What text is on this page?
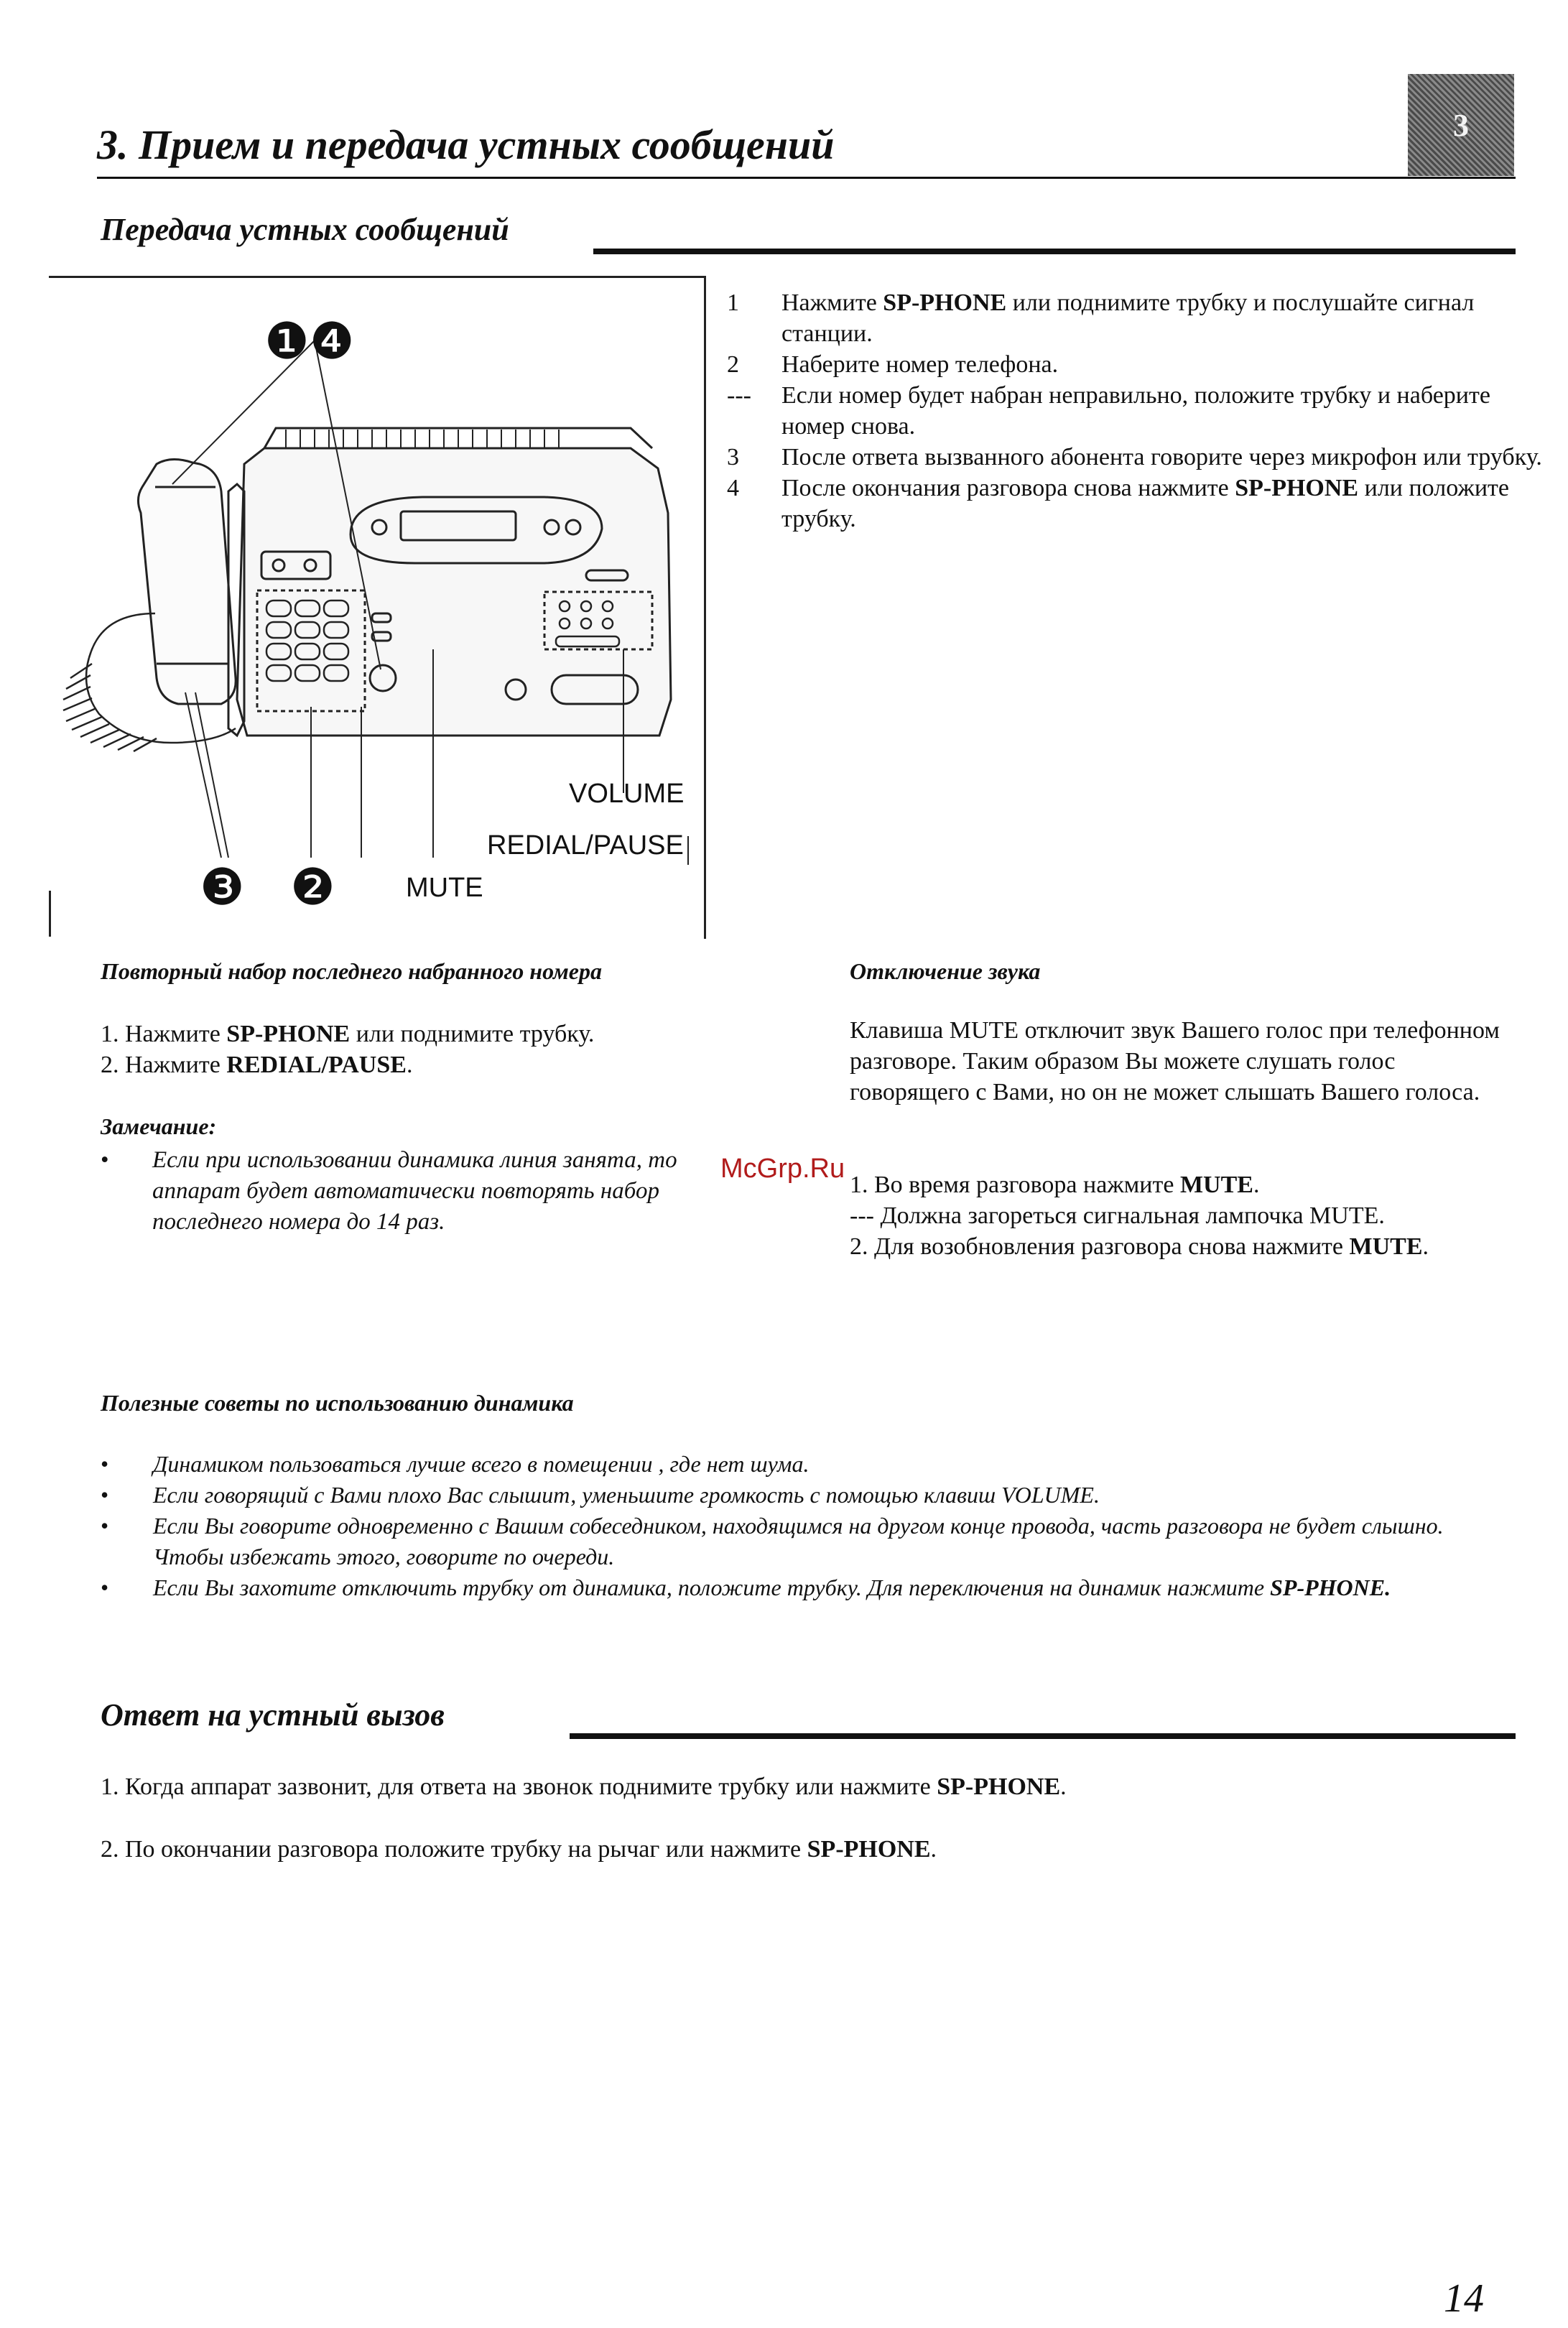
3. Прием и передача устных сообщений	3
Передача устных сообщений
❶❹
❸ ❷
VOLUME
REDIAL/PAUSE
MUTE
1	Нажмите SP-PHONE или поднимите трубку и послушайте сигнал станции.
2	Наберите номер телефона.
---	Если номер будет набран неправильно, положите трубку и наберите номер снова.
3	После ответа вызванного абонента говорите через микрофон или трубку.
4	После окончания разговора снова нажмите SP-PHONE или положите трубку.
Повторный набор последнего набранного номера
1. Нажмите SP-PHONE или поднимите трубку.
2. Нажмите REDIAL/PAUSE.
Замечание:
•	Если при использовании динамика линия занята, то аппарат будет автоматически повторять набор последнего номера до 14 раз.
Отключение звука
Клавиша MUTE отключит звук Вашего голос при телефонном разговоре. Таким образом Вы можете слушать голос говорящего с Вами, но он не может слышать Вашего голоса.
1. Во время разговора нажмите MUTE.
--- Должна загореться сигнальная лампочка MUTE.
2. Для возобновления разговора снова нажмите MUTE.
McGrp.Ru
Полезные советы по использованию динамика
•	Динамиком пользоваться лучше всего в помещении , где нет шума.
•	Если говорящий с Вами плохо Вас слышит, уменьшите громкость с помощью клавиш VOLUME.
•	Если Вы говорите одновременно с Вашим собеседником, находящимся на другом конце провода, часть разговора не будет слышно. Чтобы избежать этого, говорите по очереди.
•	Если Вы захотите отключить трубку от динамика, положите трубку. Для переключения на динамик нажмите SP-PHONE.
Ответ на устный вызов
1. Когда аппарат зазвонит, для ответа на звонок поднимите трубку или нажмите SP-PHONE.
2. По окончании разговора положите трубку на рычаг или нажмите SP-PHONE.
14
